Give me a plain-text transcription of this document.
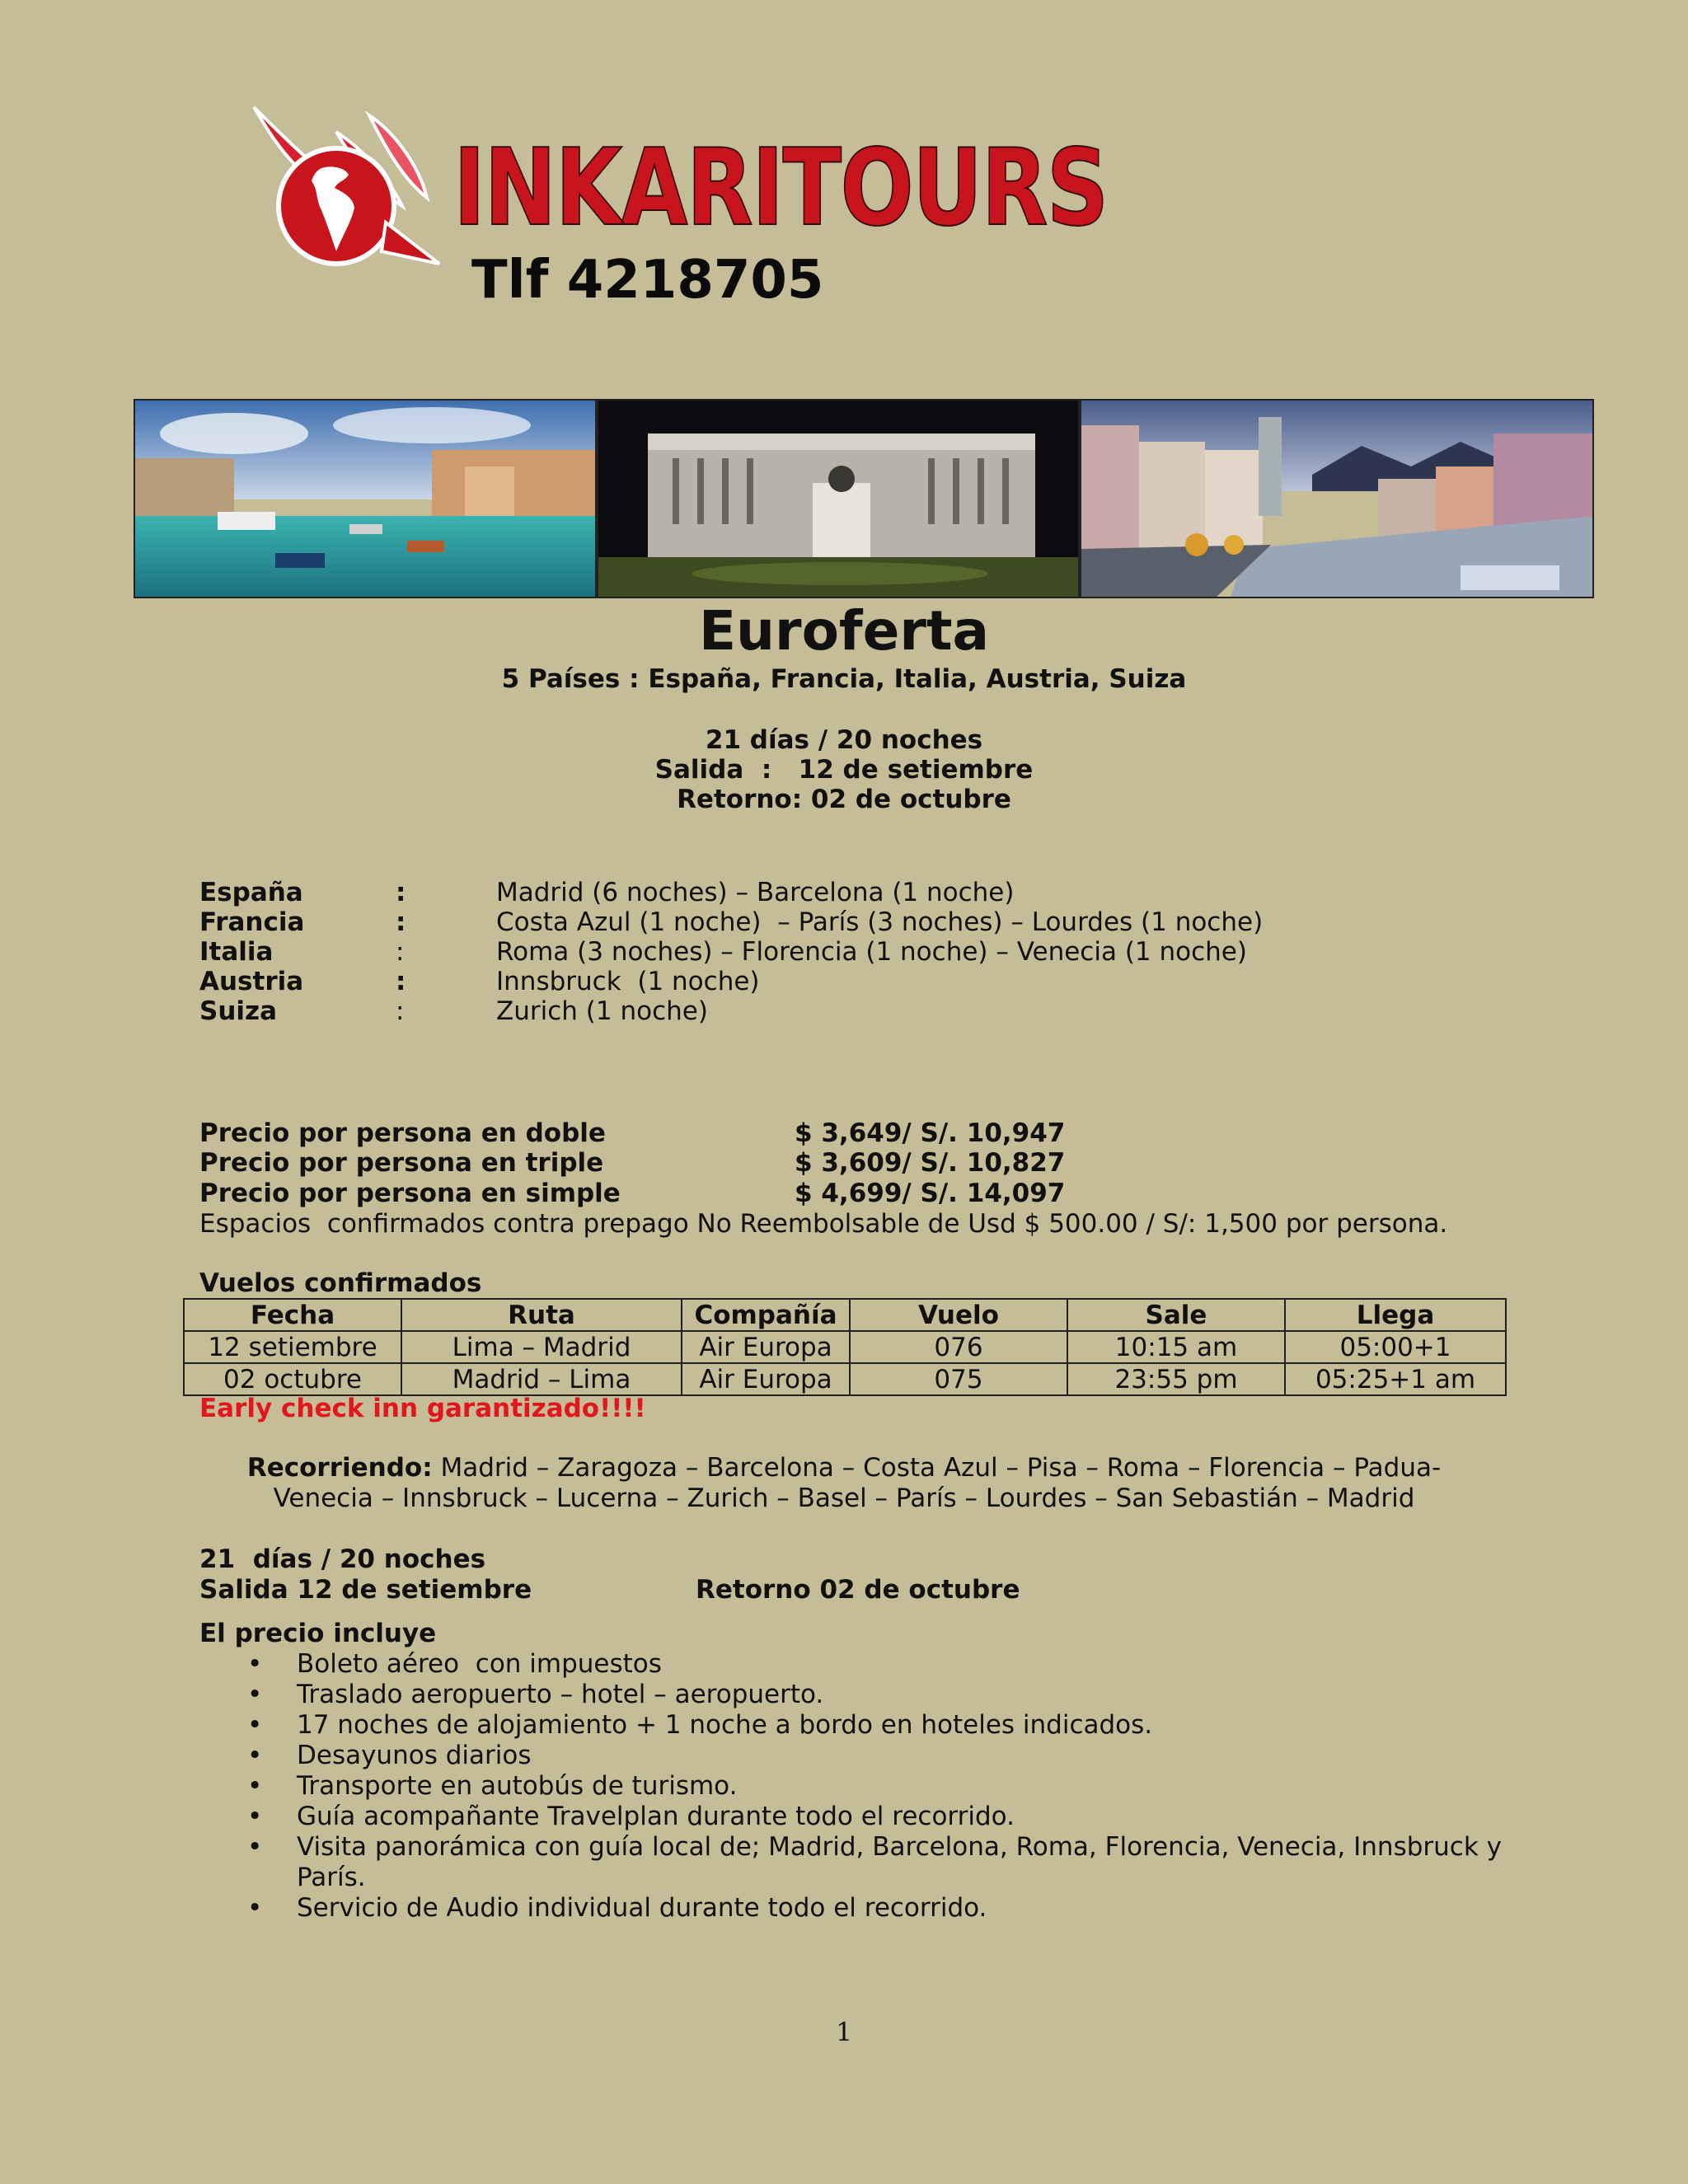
INKARITOURS
Tlf 4218705
Euroferta
5 Países : España, Francia, Italia, Austria, Suiza
21 días / 20 noches
Salida  :   12 de setiembre
Retorno: 02 de octubre
España	:	Madrid (6 noches) – Barcelona (1 noche)
Francia	:	Costa Azul (1 noche)  – París (3 noches) – Lourdes (1 noche)
Italia	:	Roma (3 noches) – Florencia (1 noche) – Venecia (1 noche)
Austria	:	Innsbruck  (1 noche)
Suiza	:	Zurich (1 noche)
Precio por persona en doble	$ 3,649/ S/. 10,947
Precio por persona en triple	$ 3,609/ S/. 10,827
Precio por persona en simple	$ 4,699/ S/. 14,097
Espacios  confirmados contra prepago No Reembolsable de Usd $ 500.00 / S/: 1,500 por persona.
Vuelos confirmados
Fecha	Ruta	Compañía	Vuelo	Sale	Llega
12 setiembre	Lima – Madrid	Air Europa	076	10:15 am	05:00+1
02 octubre	Madrid – Lima	Air Europa	075	23:55 pm	05:25+1 am
Early check inn garantizado!!!!
Recorriendo: Madrid – Zaragoza – Barcelona – Costa Azul – Pisa – Roma – Florencia – Padua-
Venecia – Innsbruck – Lucerna – Zurich – Basel – París – Lourdes – San Sebastián – Madrid
21  días / 20 noches
Salida 12 de setiembre	Retorno 02 de octubre
El precio incluye
• Boleto aéreo  con impuestos
• Traslado aeropuerto – hotel – aeropuerto.
• 17 noches de alojamiento + 1 noche a bordo en hoteles indicados.
• Desayunos diarios
• Transporte en autobús de turismo.
• Guía acompañante Travelplan durante todo el recorrido.
• Visita panorámica con guía local de; Madrid, Barcelona, Roma, Florencia, Venecia, Innsbruck y París.
• Servicio de Audio individual durante todo el recorrido.
1
